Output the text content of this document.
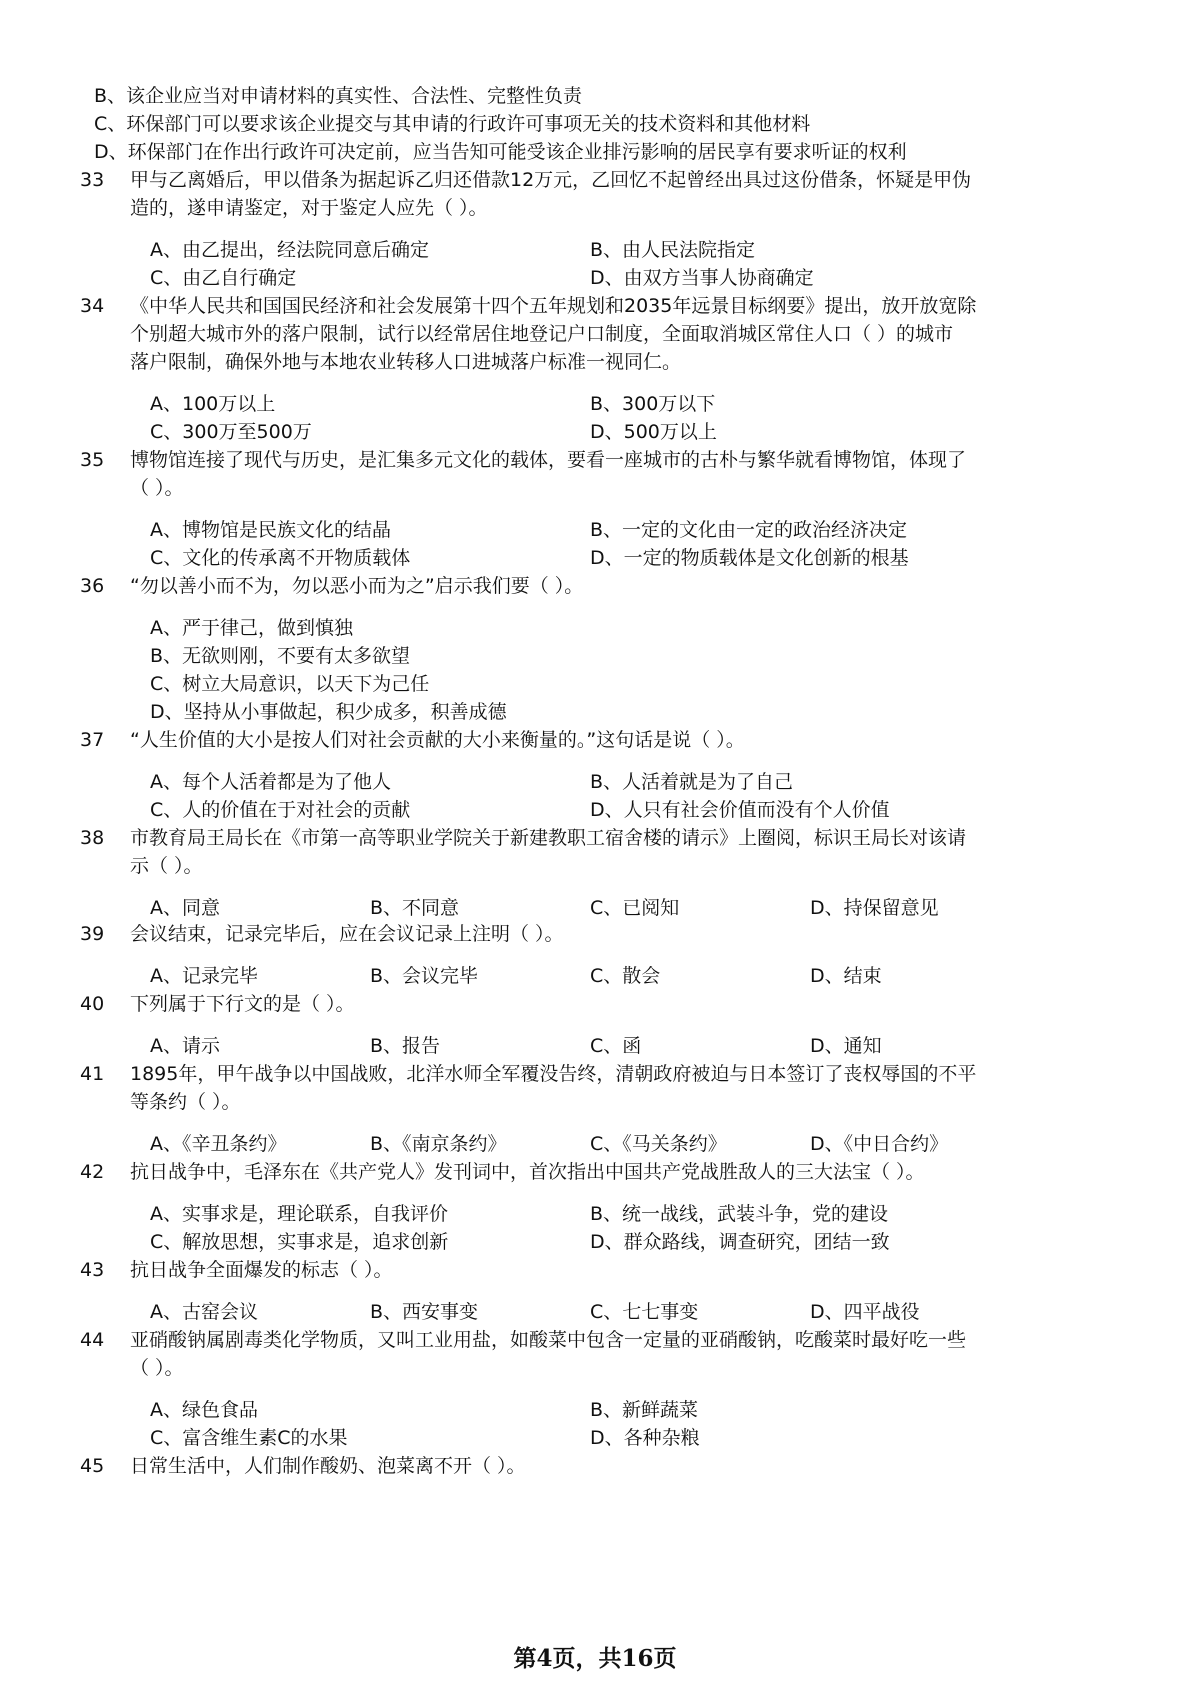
B、该企业应当对申请材料的真实性、合法性、完整性负责
C、环保部门可以要求该企业提交与其申请的行政许可事项无关的技术资料和其他材料
D、环保部门在作出行政许可决定前，应当告知可能受该企业排污影响的居民享有要求听证的权利
33 甲与乙离婚后，甲以借条为据起诉乙归还借款12万元，乙回忆不起曾经出具过这份借条，怀疑是甲伪
造的，遂申请鉴定，对于鉴定人应先（ ）。
A、由乙提出，经法院同意后确定	B、由人民法院指定
C、由乙自行确定	D、由双方当事人协商确定
34 《中华人民共和国国民经济和社会发展第十四个五年规划和2035年远景目标纲要》提出，放开放宽除
个别超大城市外的落户限制，试行以经常居住地登记户口制度，全面取消城区常住人口（ ）的城市
落户限制，确保外地与本地农业转移人口进城落户标准一视同仁。
A、100万以上	B、300万以下
C、300万至500万	D、500万以上
35 博物馆连接了现代与历史，是汇集多元文化的载体，要看一座城市的古朴与繁华就看博物馆，体现了
（ ）。
A、博物馆是民族文化的结晶	B、一定的文化由一定的政治经济决定
C、文化的传承离不开物质载体	D、一定的物质载体是文化创新的根基
36 “勿以善小而不为，勿以恶小而为之”启示我们要（ ）。
A、严于律己，做到慎独
B、无欲则刚，不要有太多欲望
C、树立大局意识，以天下为己任
D、坚持从小事做起，积少成多，积善成德
37 “人生价值的大小是按人们对社会贡献的大小来衡量的。”这句话是说（ ）。
A、每个人活着都是为了他人	B、人活着就是为了自己
C、人的价值在于对社会的贡献	D、人只有社会价值而没有个人价值
38 市教育局王局长在《市第一高等职业学院关于新建教职工宿舍楼的请示》上圈阅，标识王局长对该请
示（ ）。
A、同意	B、不同意	C、已阅知	D、持保留意见
39 会议结束，记录完毕后，应在会议记录上注明（ ）。
A、记录完毕	B、会议完毕	C、散会	D、结束
40 下列属于下行文的是（ ）。
A、请示	B、报告	C、函	D、通知
41 1895年，甲午战争以中国战败，北洋水师全军覆没告终，清朝政府被迫与日本签订了丧权辱国的不平
等条约（ ）。
A、《辛丑条约》	B、《南京条约》	C、《马关条约》	D、《中日合约》
42 抗日战争中，毛泽东在《共产党人》发刊词中，首次指出中国共产党战胜敌人的三大法宝（ ）。
A、实事求是，理论联系，自我评价	B、统一战线，武装斗争，党的建设
C、解放思想，实事求是，追求创新	D、群众路线，调查研究，团结一致
43 抗日战争全面爆发的标志（ ）。
A、古窑会议	B、西安事变	C、七七事变	D、四平战役
44 亚硝酸钠属剧毒类化学物质，又叫工业用盐，如酸菜中包含一定量的亚硝酸钠，吃酸菜时最好吃一些
（ ）。
A、绿色食品	B、新鲜蔬菜
C、富含维生素C的水果	D、各种杂粮
45 日常生活中，人们制作酸奶、泡菜离不开（ ）。
第4页，共16页
